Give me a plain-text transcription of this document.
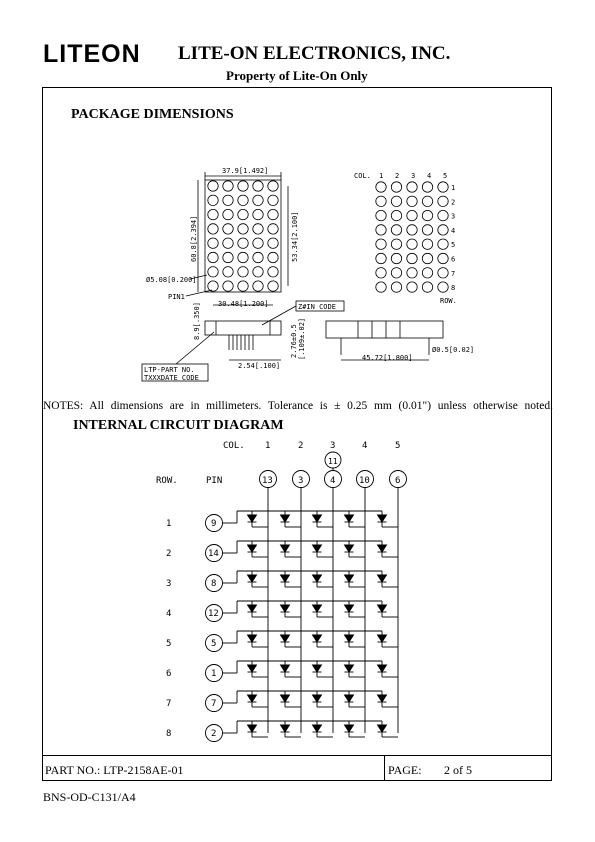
LITEON LITE-ON ELECTRONICS, INC.
Property of Lite-On Only
PACKAGE DIMENSIONS
37.9[1.492]
60.8[2.394]	53.34[2.100]
Ø5.08[0.200]
PIN1
30.48[1.200]	Z#IN CODE
8.9[.350]
2.76±0.5 [.109±.02]
2.54[.100]
LTP-PART NO.
TXXXDATE CODE
45.72[1.800]
Ø0.5[0.02]
COL. 1 2 3 4 5
1
2
3
4
5
6
7
8
ROW.
COL. 1	2	3	4	5
11
ROW.	PIN	13	3	4	10	6
1	9
2	14
3	8
4	12
5	5
6	1
7	7
8	2
NOTES: All dimensions are in millimeters. Tolerance is ± 0.25 mm (0.01") unless otherwise noted.
INTERNAL CIRCUIT DIAGRAM
PART NO.: LTP-2158AE-01	PAGE: 2 of 5
BNS-OD-C131/A4
